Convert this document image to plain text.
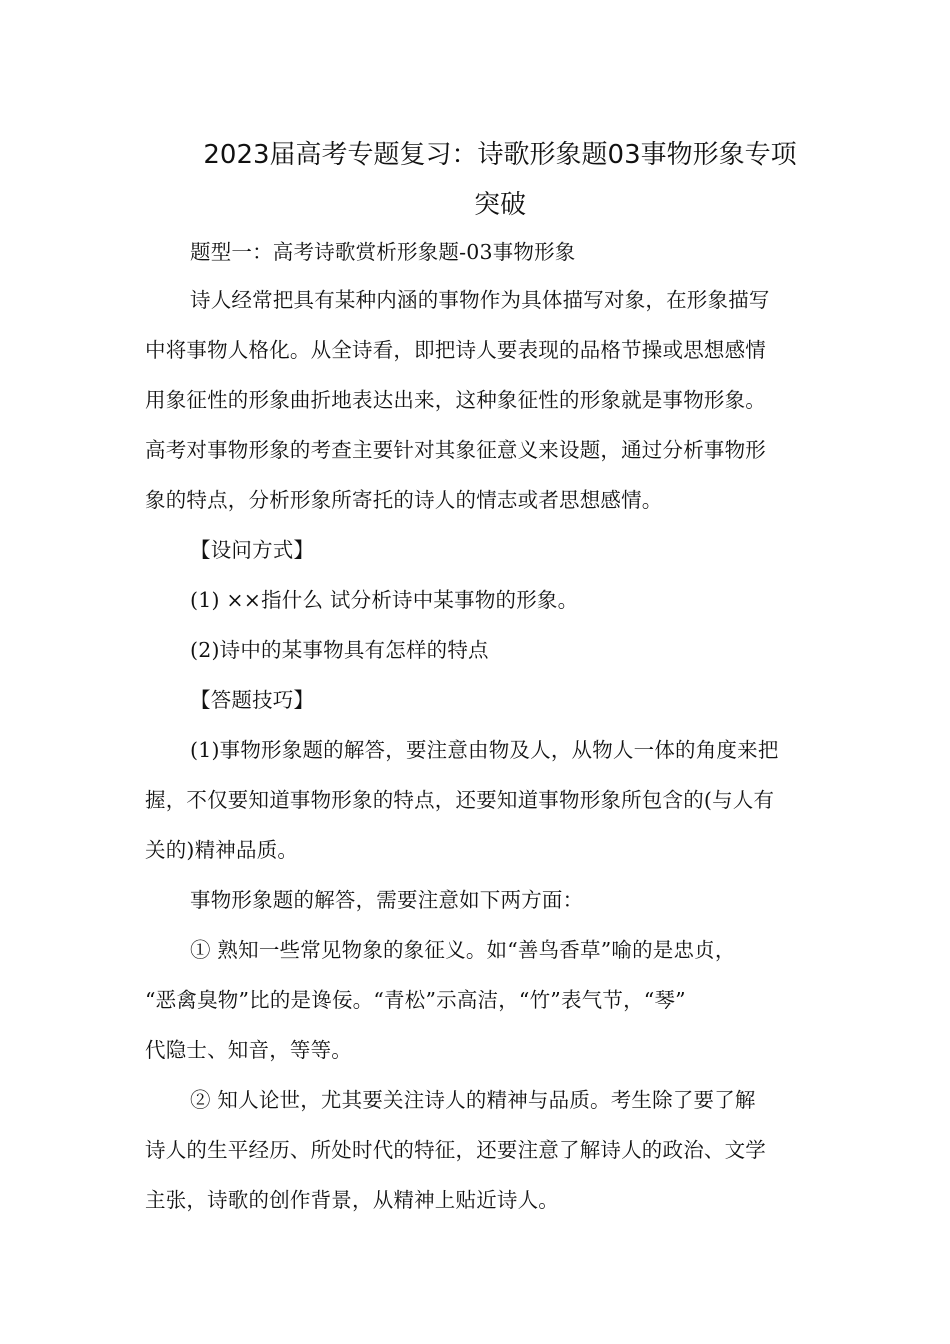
2023届高考专题复习：诗歌形象题03事物形象专项
突破

题型一：高考诗歌赏析形象题-03事物形象

诗人经常把具有某种内涵的事物作为具体描写对象，在形象描写

中将事物人格化。从全诗看，即把诗人要表现的品格节操或思想感情

用象征性的形象曲折地表达出来，这种象征性的形象就是事物形象。

高考对事物形象的考查主要针对其象征意义来设题，通过分析事物形

象的特点，分析形象所寄托的诗人的情志或者思想感情。

【设问方式】

(1) ××指什么 试分析诗中某事物的形象。

(2)诗中的某事物具有怎样的特点

【答题技巧】

(1)事物形象题的解答，要注意由物及人，从物人一体的角度来把

握，不仅要知道事物形象的特点，还要知道事物形象所包含的(与人有

关的)精神品质。

事物形象题的解答，需要注意如下两方面：

① 熟知一些常见物象的象征义。如“善鸟香草”喻的是忠贞，

“恶禽臭物”比的是谗佞。“青松”示高洁，“竹”表气节，“琴”

代隐士、知音，等等。

② 知人论世，尤其要关注诗人的精神与品质。考生除了要了解

诗人的生平经历、所处时代的特征，还要注意了解诗人的政治、文学

主张，诗歌的创作背景，从精神上贴近诗人。
